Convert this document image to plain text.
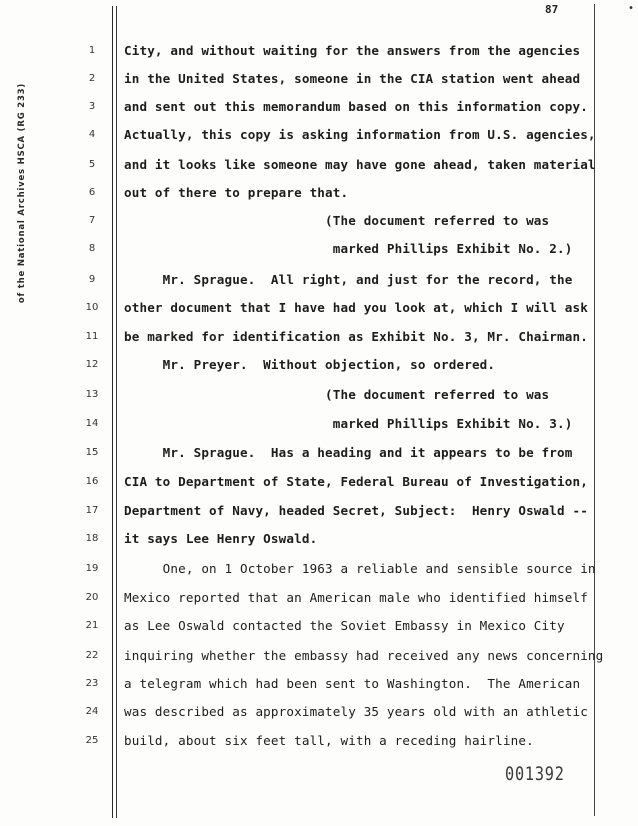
of the National Archives HSCA (RG 233)
87	•
1	City, and without waiting for the answers from the agencies
2	in the United States, someone in the CIA station went ahead
3	and sent out this memorandum based on this information copy.
4	Actually, this copy is asking information from U.S. agencies,
5	and it looks like someone may have gone ahead, taken material
6	out of there to prepare that.
7	(The document referred to was
8	marked Phillips Exhibit No. 2.)
9	Mr. Sprague.  All right, and just for the record, the
10 other document that I have had you look at, which I will ask
11 be marked for identification as Exhibit No. 3, Mr. Chairman.
12 Mr. Preyer.  Without objection, so ordered.
13 (The document referred to was
14 marked Phillips Exhibit No. 3.)
15 Mr. Sprague.  Has a heading and it appears to be from
16 CIA to Department of State, Federal Bureau of Investigation,
17 Department of Navy, headed Secret, Subject:  Henry Oswald --
18 it says Lee Henry Oswald.
19 One, on 1 October 1963 a reliable and sensible source in
20 Mexico reported that an American male who identified himself
21 as Lee Oswald contacted the Soviet Embassy in Mexico City
22 inquiring whether the embassy had received any news concerning
23 a telegram which had been sent to Washington.  The American
24 was described as approximately 35 years old with an athletic
25 build, about six feet tall, with a receding hairline.
001392
